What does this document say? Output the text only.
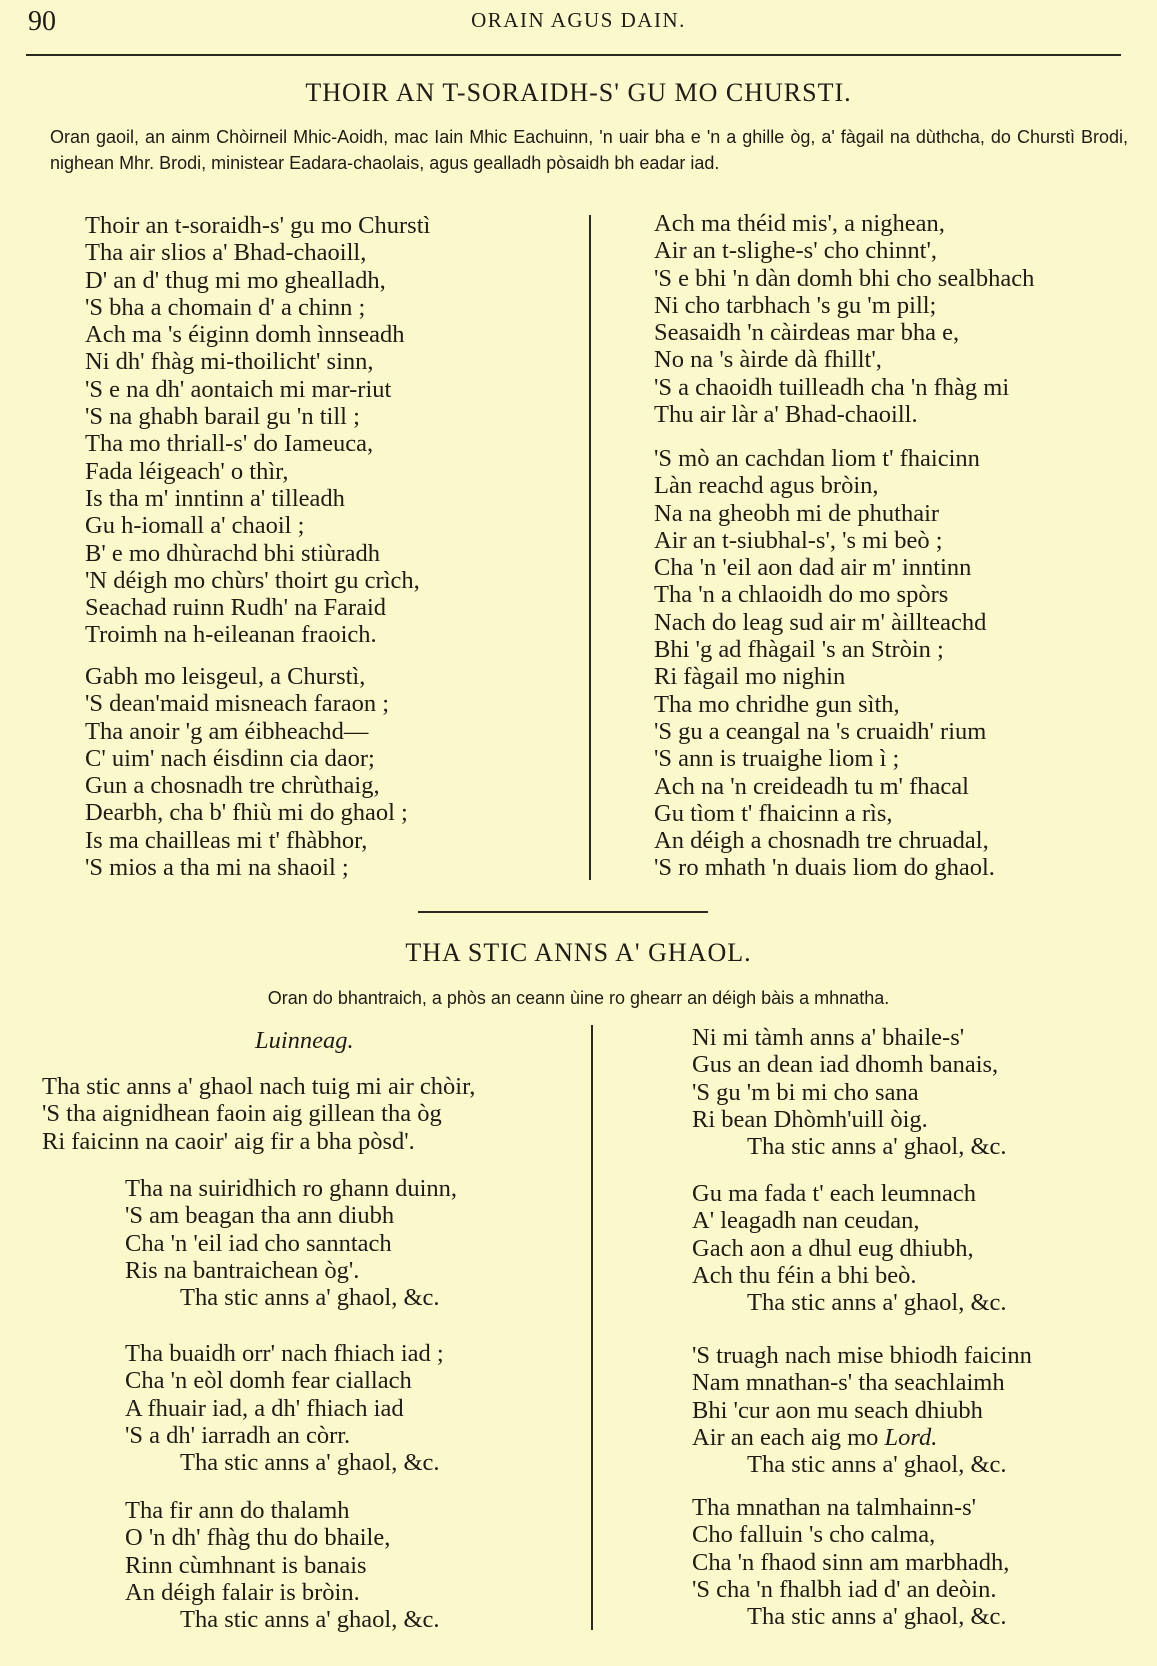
90	ORAIN AGUS DAIN.
THOIR AN T-SORAIDH-S' GU MO CHURSTI.
Oran gaoil, an ainm Chòirneil Mhic-Aoidh, mac Iain Mhic Eachuinn, 'n uair bha e 'n a ghille òg, a' fàgail na dùthcha, do Churstì Brodi, nighean Mhr. Brodi, ministear Eadara-chaolais, agus gealladh pòsaidh bh eadar iad.
Thoir an t-soraidh-s' gu mo Churstì
Tha air slios a' Bhad-chaoill,
D' an d' thug mi mo ghealladh,
'S bha a chomain d' a chinn ;
Ach ma 's éiginn domh ìnnseadh
Ni dh' fhàg mi-thoilicht' sinn,
'S e na dh' aontaich mi mar-riut
'S na ghabh barail gu 'n till ;
Tha mo thriall-s' do Iameuca,
Fada léigeach' o thìr,
Is tha m' inntinn a' tilleadh
Gu h-iomall a' chaoil ;
B' e mo dhùrachd bhi stiùradh
'N déigh mo chùrs' thoirt gu crìch,
Seachad ruinn Rudh' na Faraid
Troimh na h-eileanan fraoich.
Gabh mo leisgeul, a Churstì,
'S dean'maid misneach faraon ;
Tha anoir 'g am éibheachd—
C' uim' nach éisdinn cia daor;
Gun a chosnadh tre chrùthaig,
Dearbh, cha b' fhiù mi do ghaol ;
Is ma chailleas mi t' fhàbhor,
'S mios a tha mi na shaoil ;
Ach ma théid mis', a nighean,
Air an t-slighe-s' cho chinnt',
'S e bhi 'n dàn domh bhi cho sealbhach
Ni cho tarbhach 's gu 'm pill;
Seasaidh 'n càirdeas mar bha e,
No na 's àirde dà fhillt',
'S a chaoidh tuilleadh cha 'n fhàg mi
Thu air làr a' Bhad-chaoill.
'S mò an cachdan liom t' fhaicinn
Làn reachd agus bròin,
Na na gheobh mi de phuthair
Air an t-siubhal-s', 's mi beò ;
Cha 'n 'eil aon dad air m' inntinn
Tha 'n a chlaoidh do mo spòrs
Nach do leag sud air m' àillteachd
Bhi 'g ad fhàgail 's an Stròin ;
Ri fàgail mo nighin
Tha mo chridhe gun sìth,
'S gu a ceangal na 's cruaidh' rium
'S ann is truaighe liom ì ;
Ach na 'n creideadh tu m' fhacal
Gu tìom t' fhaicinn a rìs,
An déigh a chosnadh tre chruadal,
'S ro mhath 'n duais liom do ghaol.
THA STIC ANNS A' GHAOL.
Oran do bhantraich, a phòs an ceann ùine ro ghearr an déigh bàis a mhnatha.
Luinneag.
Tha stic anns a' ghaol nach tuig mi air chòir,
'S tha aignidhean faoin aig gillean tha òg
Ri faicinn na caoir' aig fir a bha pòsd'.
Tha na suiridhich ro ghann duinn,
'S am beagan tha ann diubh
Cha 'n 'eil iad cho sanntach
Ris na bantraichean òg'.
Tha stic anns a' ghaol, &c.
Tha buaidh orr' nach fhiach iad ;
Cha 'n eòl domh fear ciallach
A fhuair iad, a dh' fhiach iad
'S a dh' iarradh an còrr.
Tha stic anns a' ghaol, &c.
Tha fir ann do thalamh
O 'n dh' fhàg thu do bhaile,
Rinn cùmhnant is banais
An déigh falair is bròin.
Tha stic anns a' ghaol, &c.
Ni mi tàmh anns a' bhaile-s'
Gus an dean iad dhomh banais,
'S gu 'm bi mi cho sana
Ri bean Dhòmh'uill òig.
Tha stic anns a' ghaol, &c.
Gu ma fada t' each leumnach
A' leagadh nan ceudan,
Gach aon a dhul eug dhiubh,
Ach thu féin a bhi beò.
Tha stic anns a' ghaol, &c.
'S truagh nach mise bhiodh faicinn
Nam mnathan-s' tha seachlaimh
Bhi 'cur aon mu seach dhiubh
Air an each aig mo Lord.
Tha stic anns a' ghaol, &c.
Tha mnathan na talmhainn-s'
Cho falluin 's cho calma,
Cha 'n fhaod sinn am marbhadh,
'S cha 'n fhalbh iad d' an deòin.
Tha stic anns a' ghaol, &c.
